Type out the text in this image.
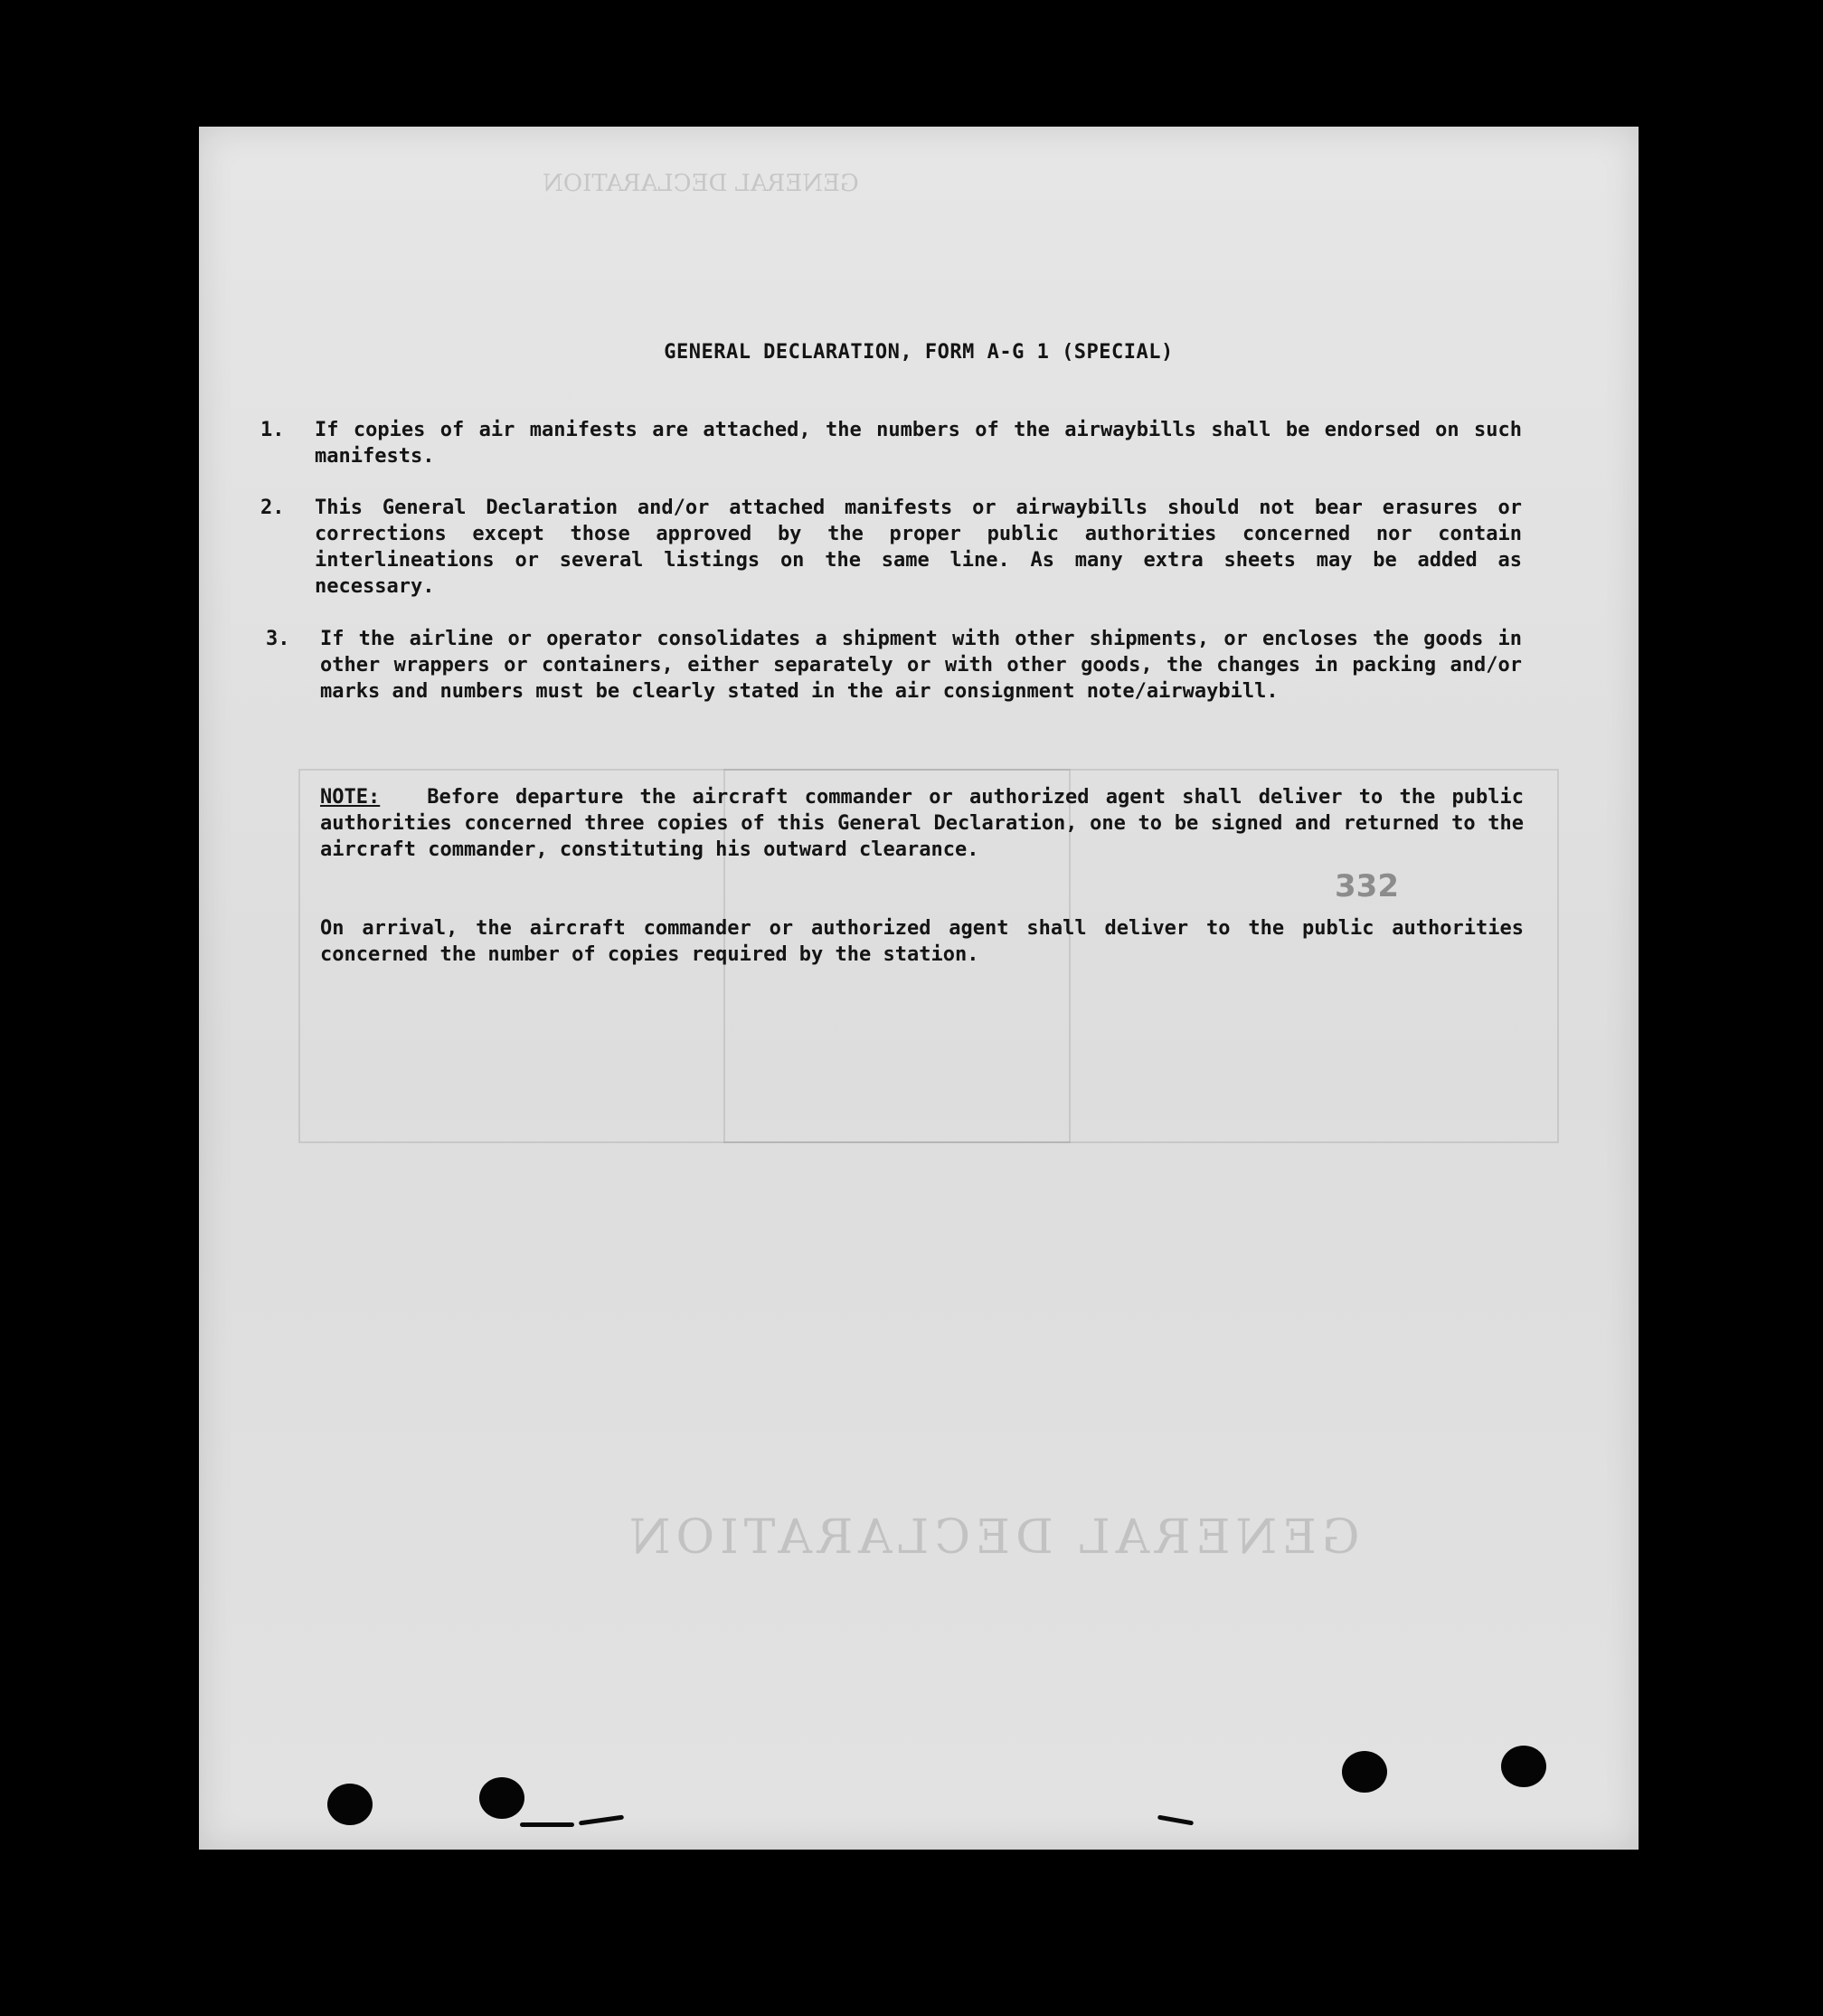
GENERAL DECLARATION
GENERAL DECLARATION
GENERAL DECLARATION, FORM A-G 1 (SPECIAL)
1. If copies of air manifests are attached, the numbers of the airwaybills shall be endorsed on such manifests.
2. This General Declaration and/or attached manifests or airwaybills should not bear erasures or corrections except those approved by the proper public authorities concerned nor contain interlineations or several listings on the same line. As many extra sheets may be added as necessary.
3. If the airline or operator consolidates a shipment with other shipments, or encloses the goods in other wrappers or containers, either separately or with other goods, the changes in packing and/or marks and numbers must be clearly stated in the air consignment note/airwaybill.
NOTE: Before departure the aircraft commander or authorized agent shall deliver to the public authorities concerned three copies of this General Declaration, one to be signed and returned to the aircraft commander, constituting his outward clearance.
332
On arrival, the aircraft commander or authorized agent shall deliver to the public authorities concerned the number of copies required by the station.
